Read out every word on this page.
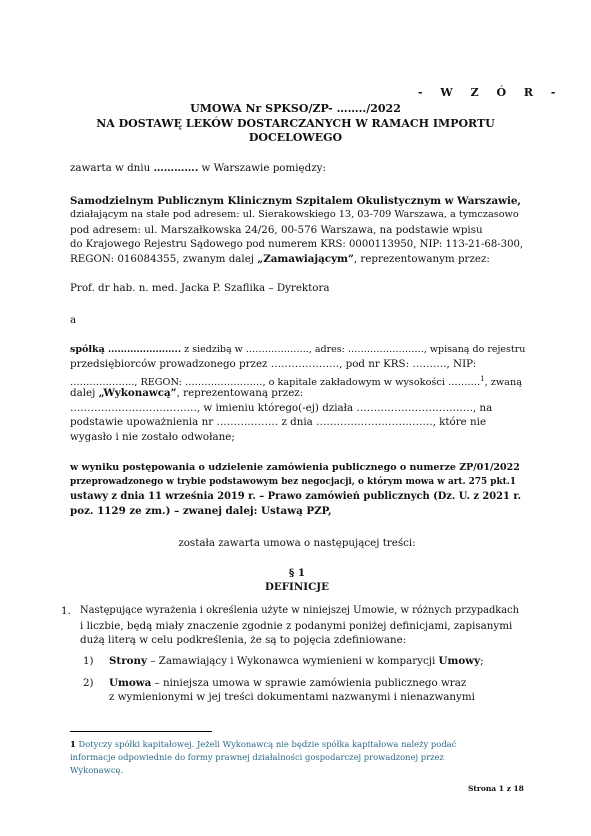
- W Z Ó R -
UMOWA Nr SPKSO/ZP- ……../2022
NA DOSTAWĘ LEKÓW DOSTARCZANYCH W RAMACH IMPORTU
DOCELOWEGO
zawarta w dniu …………. w Warszawie pomiędzy:
Samodzielnym Publicznym Klinicznym Szpitalem Okulistycznym w Warszawie,
działającym na stałe pod adresem: ul. Sierakowskiego 13, 03-709 Warszawa, a tymczasowo
pod adresem: ul. Marszałkowska 24/26, 00-576 Warszawa, na podstawie wpisu
do Krajowego Rejestru Sądowego pod numerem KRS: 0000113950, NIP: 113-21-68-300,
REGON: 016084355, zwanym dalej „Zamawiającym”, reprezentowanym przez:
Prof. dr hab. n. med. Jacka P. Szaflika – Dyrektora
a
spółką ………………….. z siedzibą w ……………….., adres: ……………………, wpisaną do rejestru
przedsiębiorców prowadzonego przez ……………….., pod nr KRS: ………., NIP:
……………….., REGON: ……………………, o kapitale zakładowym w wysokości ……….$^1$, zwaną
dalej „Wykonawcą”, reprezentowaną przez:
………………………………., w imieniu którego(-ej) działa ……………………………., na
podstawie upoważnienia nr ……………… z dnia ……………………………., które nie
wygasło i nie zostało odwołane;
w wyniku postępowania o udzielenie zamówienia publicznego o numerze ZP/01/2022
przeprowadzonego w trybie podstawowym bez negocjacji, o którym mowa w art. 275 pkt.1
ustawy z dnia 11 września 2019 r. – Prawo zamówień publicznych (Dz. U. z 2021 r.
poz. 1129 ze zm.) – zwanej dalej: Ustawą PZP,
została zawarta umowa o następującej treści:
§ 1
DEFINICJE
1. Następujące wyrażenia i określenia użyte w niniejszej Umowie, w różnych przypadkach
i liczbie, będą miały znaczenie zgodnie z podanymi poniżej definicjami, zapisanymi
dużą literą w celu podkreślenia, że są to pojęcia zdefiniowane:
1) Strony – Zamawiający i Wykonawca wymienieni w komparycji Umowy;
2) Umowa – niniejsza umowa w sprawie zamówienia publicznego wraz
z wymienionymi w jej treści dokumentami nazwanymi i nienazwanymi
1 Dotyczy spółki kapitałowej. Jeżeli Wykonawcą nie będzie spółka kapitałowa należy podać
informacje odpowiednie do formy prawnej działalności gospodarczej prowadzonej przez
Wykonawcę.
Strona 1 z 18
